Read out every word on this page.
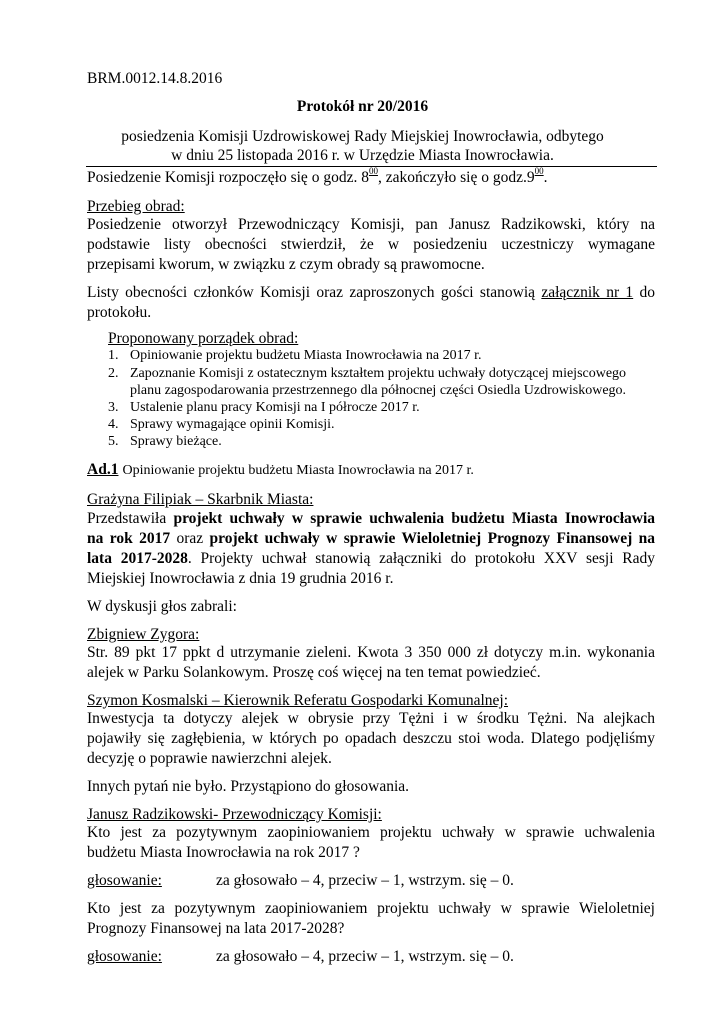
BRM.0012.14.8.2016
Protokół nr 20/2016
posiedzenia Komisji Uzdrowiskowej Rady Miejskiej Inowrocławia, odbytego
w dniu 25 listopada 2016 r. w Urzędzie Miasta Inowrocławia.
Posiedzenie Komisji rozpoczęło się o godz. $8^{00}$, zakończyło się o $godz.9^{00}$.
Przebieg obrad:
Posiedzenie otworzył Przewodniczący Komisji, pan Janusz Radzikowski, który na
podstawie listy obecności stwierdził, że w posiedzeniu uczestniczy wymagane
przepisami kworum, w związku z czym obrady są prawomocne.
Listy obecności członków Komisji oraz zaproszonych gości stanowią załącznik nr 1 do
protokołu.
Proponowany porządek obrad:
1. Opiniowanie projektu budżetu Miasta Inowrocławia na 2017 r.
2. Zapoznanie Komisji z ostatecznym kształtem projektu uchwały dotyczącej miejscowego
planu zagospodarowania przestrzennego dla północnej części Osiedla Uzdrowiskowego.
3. Ustalenie planu pracy Komisji na I półrocze 2017 r.
4. Sprawy wymagające opinii Komisji.
5. Sprawy bieżące.
Ad.1 Opiniowanie projektu budżetu Miasta Inowrocławia na 2017 r.
Grażyna Filipiak – Skarbnik Miasta:
Przedstawiła projekt uchwały w sprawie uchwalenia budżetu Miasta Inowrocławia
na rok 2017 oraz projekt uchwały w sprawie Wieloletniej Prognozy Finansowej na
lata 2017-2028. Projekty uchwał stanowią załączniki do protokołu XXV sesji Rady
Miejskiej Inowrocławia z dnia 19 grudnia 2016 r.
W dyskusji głos zabrali:
Zbigniew Zygora:
Str. 89 pkt 17 ppkt d utrzymanie zieleni. Kwota 3 350 000 zł dotyczy m.in. wykonania
alejek w Parku Solankowym. Proszę coś więcej na ten temat powiedzieć.
Szymon Kosmalski – Kierownik Referatu Gospodarki Komunalnej:
Inwestycja ta dotyczy alejek w obrysie przy Tężni i w środku Tężni. Na alejkach
pojawiły się zagłębienia, w których po opadach deszczu stoi woda. Dlatego podjęliśmy
decyzję o poprawie nawierzchni alejek.
Innych pytań nie było. Przystąpiono do głosowania.
Janusz Radzikowski- Przewodniczący Komisji:
Kto jest za pozytywnym zaopiniowaniem projektu uchwały w sprawie uchwalenia
budżetu Miasta Inowrocławia na rok 2017 ?
głosowanie:	za głosowało – 4, przeciw – 1, wstrzym. się – 0.
Kto jest za pozytywnym zaopiniowaniem projektu uchwały w sprawie Wieloletniej
Prognozy Finansowej na lata 2017-2028?
głosowanie:	za głosowało – 4, przeciw – 1, wstrzym. się – 0.
